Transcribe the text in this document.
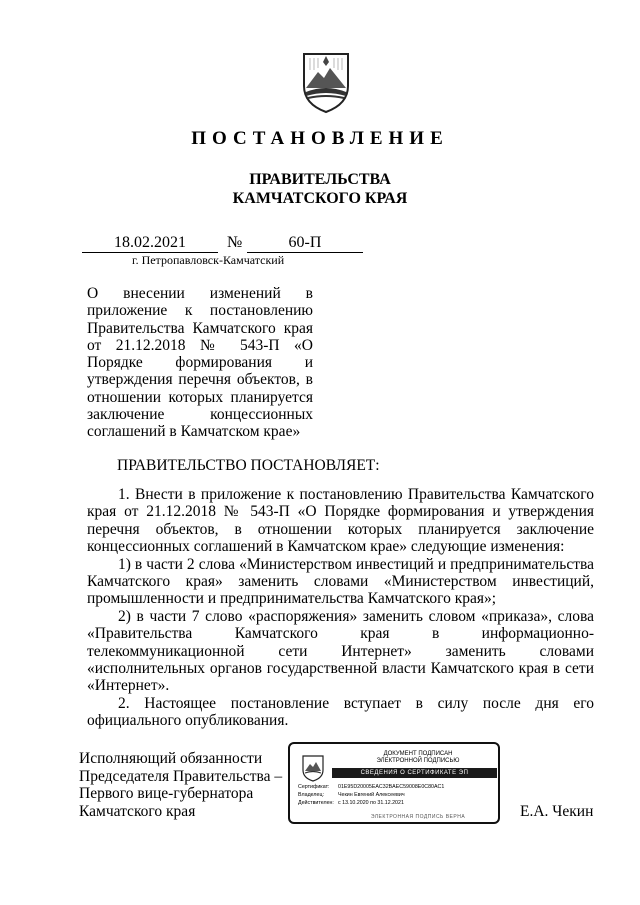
ПОСТАНОВЛЕНИЕ
ПРАВИТЕЛЬСТВА
КАМЧАТСКОГО КРАЯ
18.02.2021	№	60-П
г. Петропавловск-Камчатский
О внесении изменений в приложение к постановлению Правительства Камчатского края от 21.12.2018 № 543-П «О Порядке формирования и утверждения перечня объектов, в отношении которых планируется заключение концессионных соглашений в Камчатском крае»
ПРАВИТЕЛЬСТВО ПОСТАНОВЛЯЕТ:

1. Внести в приложение к постановлению Правительства Камчатского края от 21.12.2018 № 543-П «О Порядке формирования и утверждения перечня объектов, в отношении которых планируется заключение концессионных соглашений в Камчатском крае» следующие изменения:

1) в части 2 слова «Министерством инвестиций и предпринимательства Камчатского края» заменить словами «Министерством инвестиций, промышленности и предпринимательства Камчатского края»;

2) в части 7 слово «распоряжения» заменить словом «приказа», слова «Правительства Камчатского края в информационно-телекоммуникационной сети Интернет» заменить словами «исполнительных органов государственной власти Камчатского края в сети «Интернет».

2. Настоящее постановление вступает в силу после дня его официального опубликования.

Исполняющий обязанности
Председателя Правительства –
Первого вице-губернатора
Камчатского края
ДОКУМЕНТ ПОДПИСАН
ЭЛЕКТРОННОЙ ПОДПИСЬЮ
СВЕДЕНИЯ О СЕРТИФИКАТЕ ЭП
Сертификат: 01E95D20005EAC32BAEC59008E0C80AC1
Владелец:	Чекин Евгений Алексеевич
Действителен: с 13.10.2020 по 31.12.2021
ЭЛЕКТРОННАЯ ПОДПИСЬ ВЕРНА	Е.А. Чекин
